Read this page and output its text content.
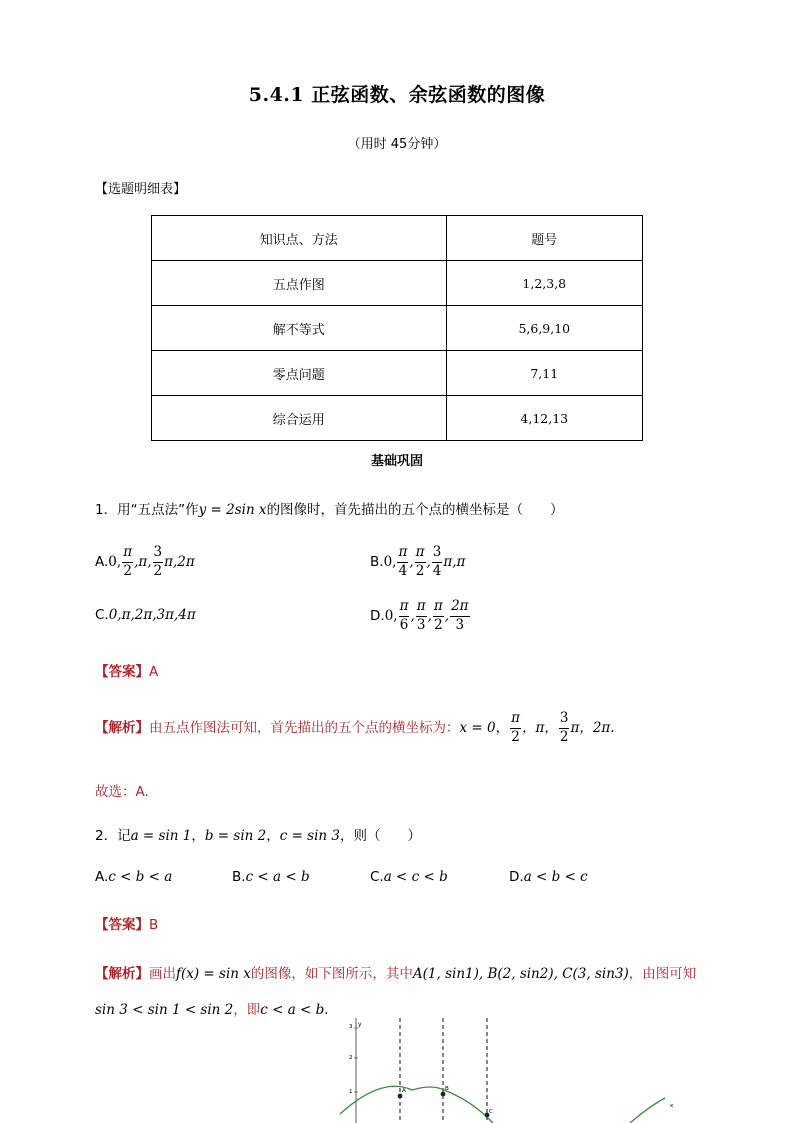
5.4.1 正弦函数、余弦函数的图像
（用时 45分钟）
【选题明细表】
知识点、方法	题号
五点作图	1,2,3,8
解不等式	5,6,9,10
零点问题	7,11
综合运用	4,12,13
基础巩固
1．用“五点法”作y = 2sin x的图像时，首先描出的五个点的横坐标是（　　）
A.0, $\frac{\pi}{2} ,\pi$, $\frac{3}{2} \pi,2\pi$	B.0, $\frac{\pi}{4}$ , $\frac{\pi}{2}$ , $\frac{3}{4} \pi,\pi$
C.0,π,2π,3π,4π	D.0, $\frac{\pi}{6}$ , $\frac{\pi}{3}$ , $\frac{\pi}{2}$ , $\frac{2\pi}{3}$
【答案】A
【解析】由五点作图法可知，首先描出的五个点的横坐标为：x = 0， $\frac{\pi}{2}$ ，π， $\frac{3}{2}$ π，2π.
故选：A.
2．记a = sin 1，b = sin 2，c = sin 3，则（　　）
A.c < b < a	B.c < a < b	C.a < c < b	D.a < b < c
【答案】B
【解析】画出f(x) = sin x的图像，如下图所示，其中A(1, sin1), B(2, sin2), C(3, sin3)，由图可知
sin 3 < sin 1 < sin 2，即c < a < b.
y
3
2
1	A	B
C
x
